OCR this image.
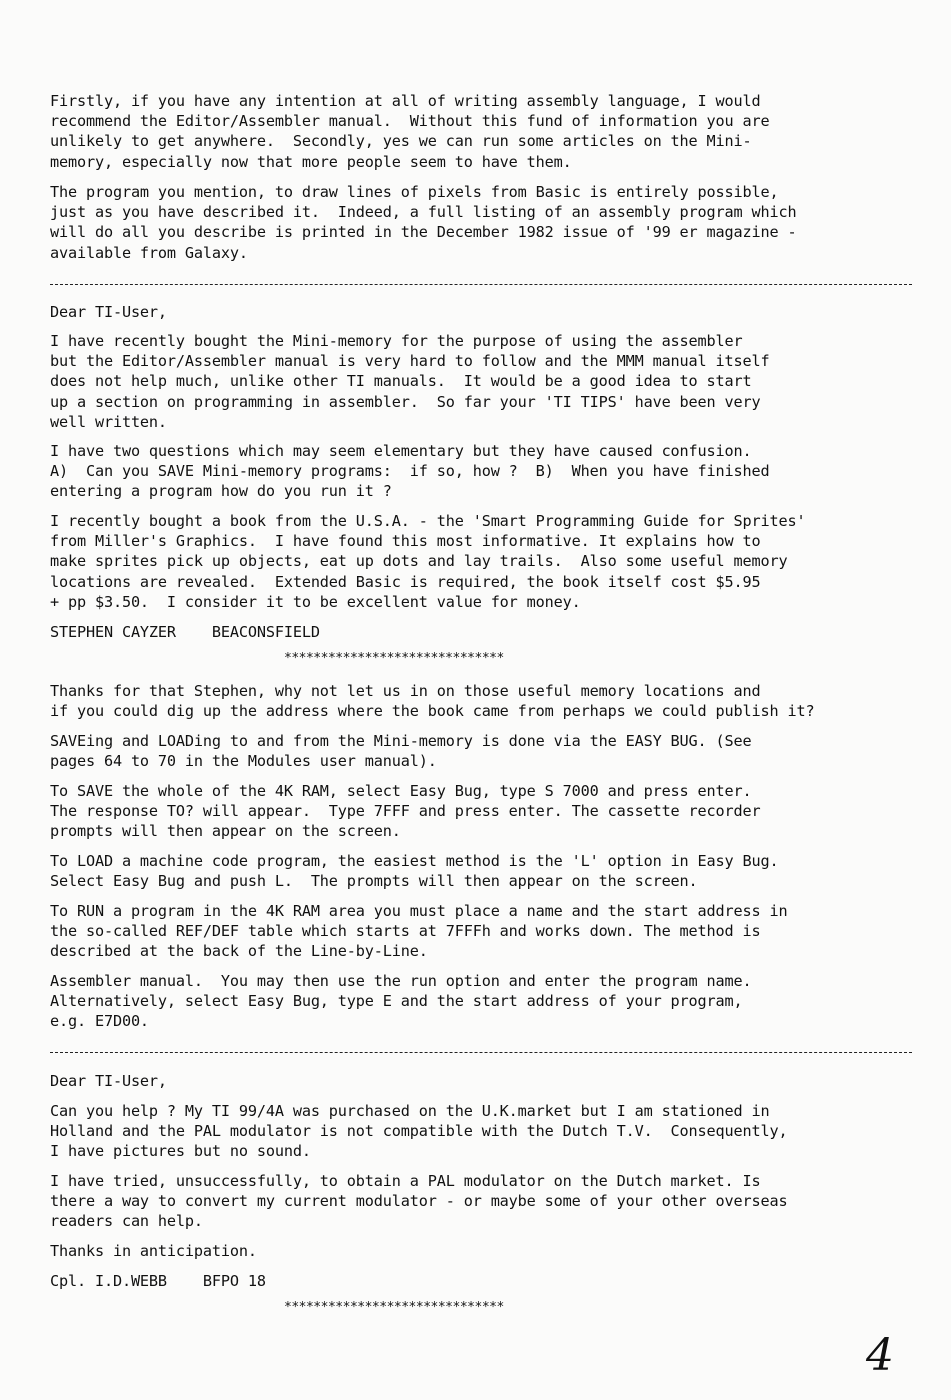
Firstly, if you have any intention at all of writing assembly language, I would
recommend the Editor/Assembler manual.  Without this fund of information you are
unlikely to get anywhere.  Secondly, yes we can run some articles on the Mini-
memory, especially now that more people seem to have them.
The program you mention, to draw lines of pixels from Basic is entirely possible,
just as you have described it.  Indeed, a full listing of an assembly program which
will do all you describe is printed in the December 1982 issue of '99 er magazine -
available from Galaxy.
Dear TI-User,
I have recently bought the Mini-memory for the purpose of using the assembler
but the Editor/Assembler manual is very hard to follow and the MMM manual itself
does not help much, unlike other TI manuals.  It would be a good idea to start
up a section on programming in assembler.  So far your 'TI TIPS' have been very
well written.
I have two questions which may seem elementary but they have caused confusion.
A)  Can you SAVE Mini-memory programs:  if so, how ?  B)  When you have finished
entering a program how do you run it ?
I recently bought a book from the U.S.A. - the 'Smart Programming Guide for Sprites'
from Miller's Graphics.  I have found this most informative. It explains how to
make sprites pick up objects, eat up dots and lay trails.  Also some useful memory
locations are revealed.  Extended Basic is required, the book itself cost $5.95
+ pp $3.50.  I consider it to be excellent value for money.
STEPHEN CAYZER    BEACONSFIELD
******************************
Thanks for that Stephen, why not let us in on those useful memory locations and
if you could dig up the address where the book came from perhaps we could publish it?
SAVEing and LOADing to and from the Mini-memory is done via the EASY BUG. (See
pages 64 to 70 in the Modules user manual).
To SAVE the whole of the 4K RAM, select Easy Bug, type S 7000 and press enter.
The response TO? will appear.  Type 7FFF and press enter. The cassette recorder
prompts will then appear on the screen.
To LOAD a machine code program, the easiest method is the 'L' option in Easy Bug.
Select Easy Bug and push L.  The prompts will then appear on the screen.
To RUN a program in the 4K RAM area you must place a name and the start address in
the so-called REF/DEF table which starts at 7FFFh and works down. The method is
described at the back of the Line-by-Line.
Assembler manual.  You may then use the run option and enter the program name.
Alternatively, select Easy Bug, type E and the start address of your program,
e.g. E7D00.
Dear TI-User,
Can you help ? My TI 99/4A was purchased on the U.K.market but I am stationed in
Holland and the PAL modulator is not compatible with the Dutch T.V.  Consequently,
I have pictures but no sound.
I have tried, unsuccessfully, to obtain a PAL modulator on the Dutch market. Is
there a way to convert my current modulator - or maybe some of your other overseas
readers can help.
Thanks in anticipation.
Cpl. I.D.WEBB    BFPO 18
******************************
4
